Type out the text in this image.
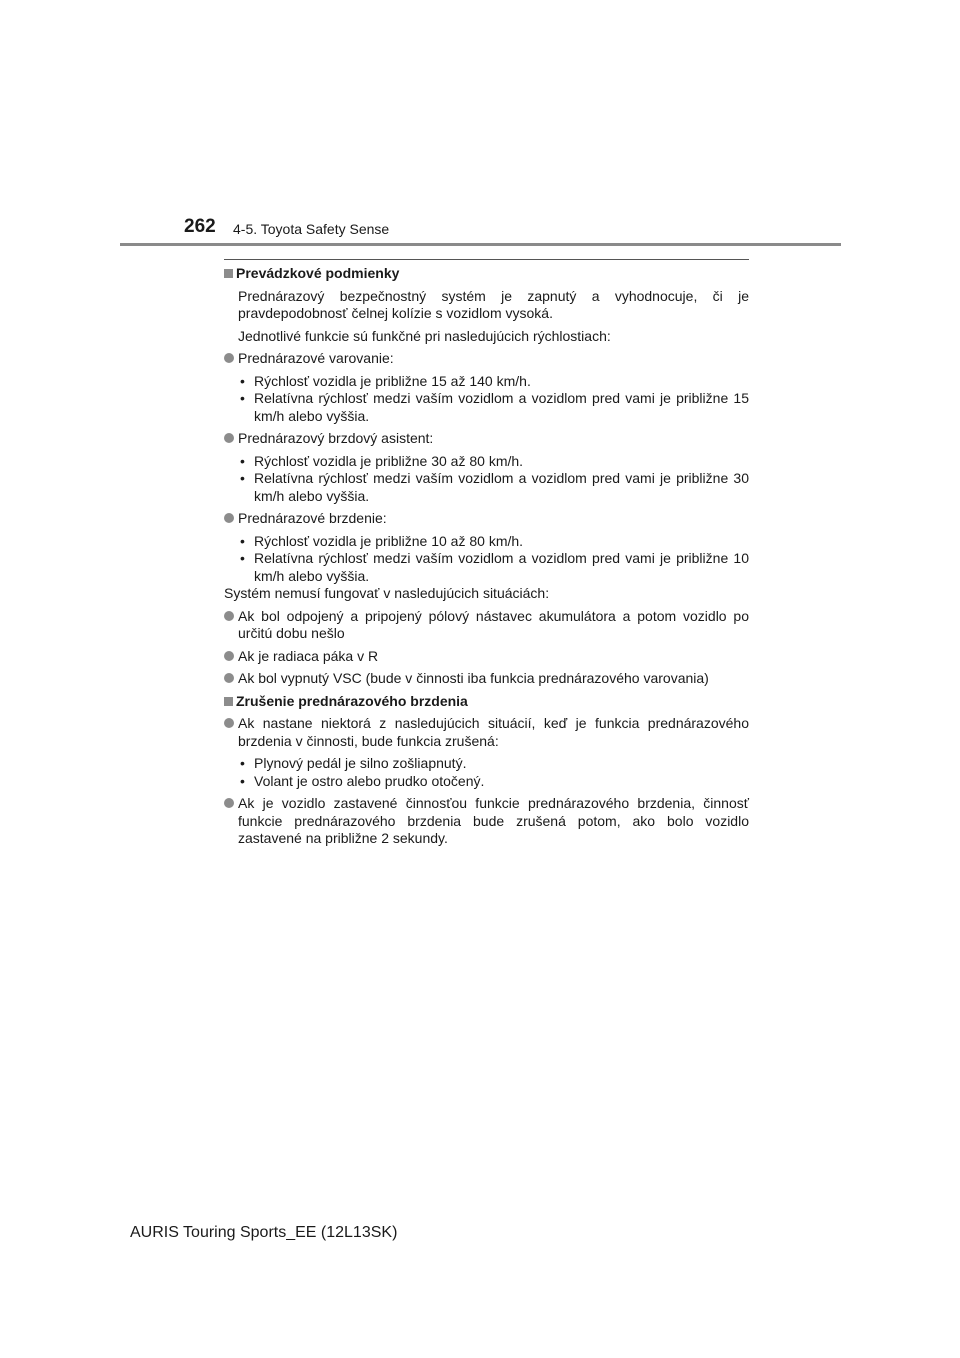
262 4-5. Toyota Safety Sense
Prevádzkové podmienky
Prednárazový bezpečnostný systém je zapnutý a vyhodnocuje, či je pravdepodobnosť čelnej kolízie s vozidlom vysoká.
Jednotlivé funkcie sú funkčné pri nasledujúcich rýchlostiach:
Prednárazové varovanie:
• Rýchlosť vozidla je približne 15 až 140 km/h.
• Relatívna rýchlosť medzi vaším vozidlom a vozidlom pred vami je približne 15 km/h alebo vyššia.
Prednárazový brzdový asistent:
• Rýchlosť vozidla je približne 30 až 80 km/h.
• Relatívna rýchlosť medzi vaším vozidlom a vozidlom pred vami je približne 30 km/h alebo vyššia.
Prednárazové brzdenie:
• Rýchlosť vozidla je približne 10 až 80 km/h.
• Relatívna rýchlosť medzi vaším vozidlom a vozidlom pred vami je približne 10 km/h alebo vyššia.
Systém nemusí fungovať v nasledujúcich situáciách:
Ak bol odpojený a pripojený pólový nástavec akumulátora a potom vozidlo po určitú dobu nešlo
Ak je radiaca páka v R
Ak bol vypnutý VSC (bude v činnosti iba funkcia prednárazového varovania)
Zrušenie prednárazového brzdenia
Ak nastane niektorá z nasledujúcich situácií, keď je funkcia prednárazového brzdenia v činnosti, bude funkcia zrušená:
• Plynový pedál je silno zošliapnutý.
• Volant je ostro alebo prudko otočený.
Ak je vozidlo zastavené činnosťou funkcie prednárazového brzdenia, činnosť funkcie prednárazového brzdenia bude zrušená potom, ako bolo vozidlo zastavené na približne 2 sekundy.
AURIS Touring Sports_EE (12L13SK)
